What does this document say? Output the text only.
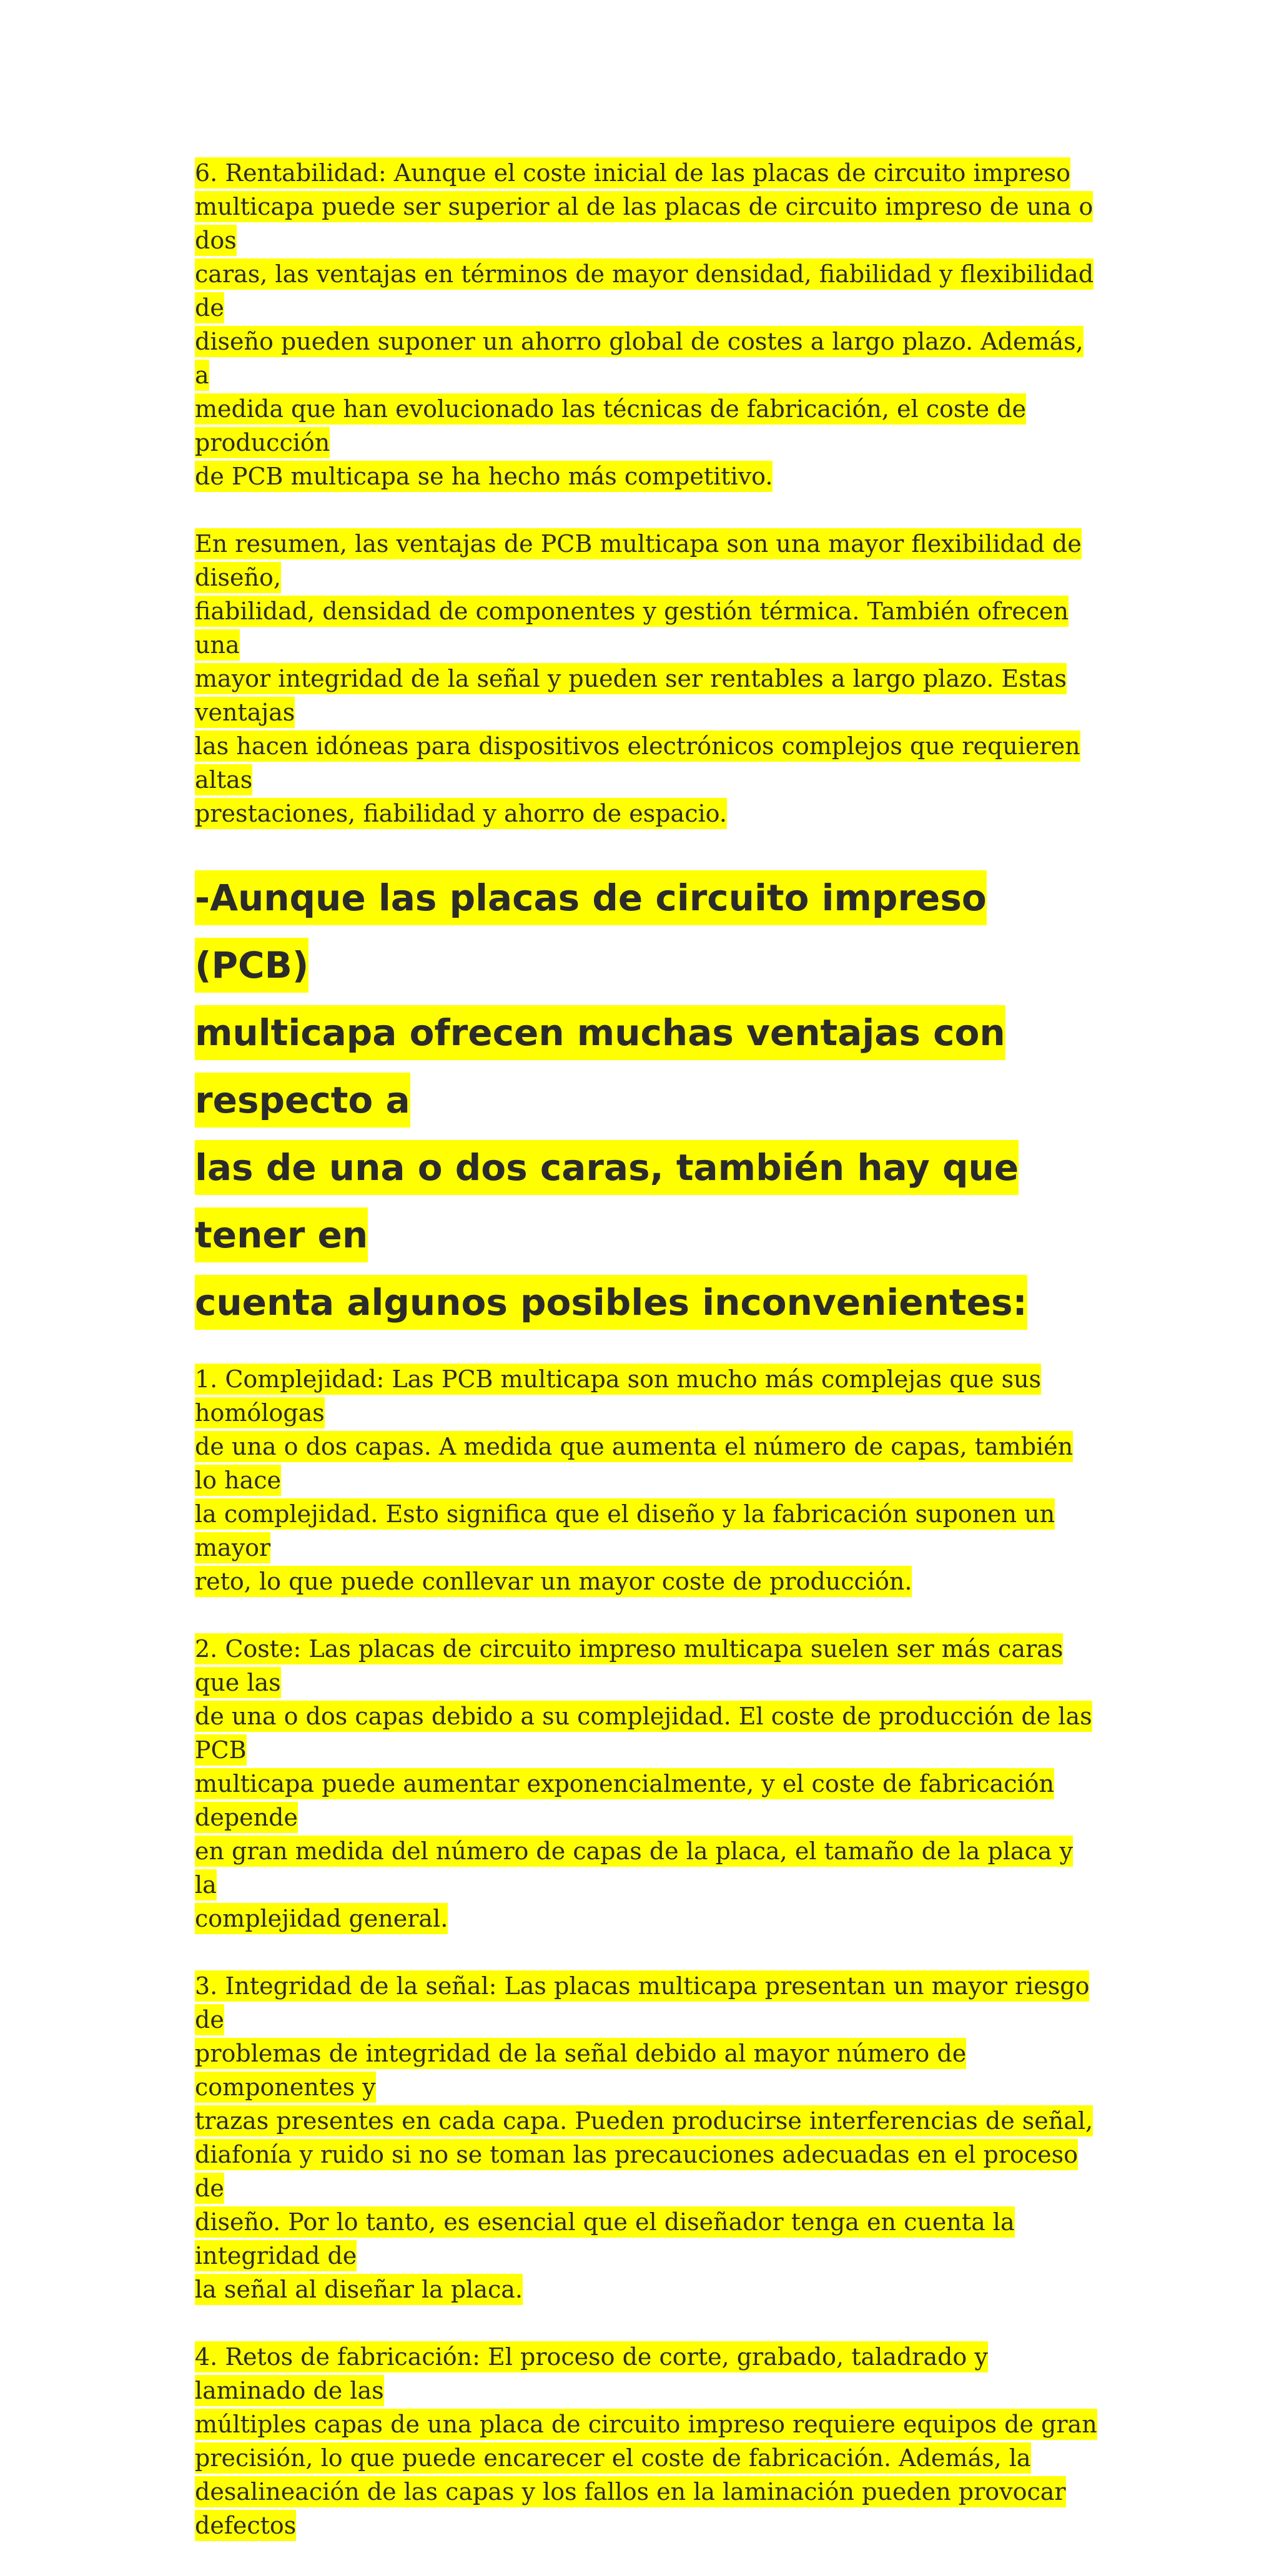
6. Rentabilidad: Aunque el coste inicial de las placas de circuito impreso
multicapa puede ser superior al de las placas de circuito impreso de una o dos
caras, las ventajas en términos de mayor densidad, fiabilidad y flexibilidad de
diseño pueden suponer un ahorro global de costes a largo plazo. Además, a
medida que han evolucionado las técnicas de fabricación, el coste de producción
de PCB multicapa se ha hecho más competitivo.

En resumen, las ventajas de PCB multicapa son una mayor flexibilidad de diseño,
fiabilidad, densidad de componentes y gestión térmica. También ofrecen una
mayor integridad de la señal y pueden ser rentables a largo plazo. Estas ventajas
las hacen idóneas para dispositivos electrónicos complejos que requieren altas
prestaciones, fiabilidad y ahorro de espacio.

-Aunque las placas de circuito impreso (PCB)
multicapa ofrecen muchas ventajas con respecto a
las de una o dos caras, también hay que tener en
cuenta algunos posibles inconvenientes:

1. Complejidad: Las PCB multicapa son mucho más complejas que sus homólogas
de una o dos capas. A medida que aumenta el número de capas, también lo hace
la complejidad. Esto significa que el diseño y la fabricación suponen un mayor
reto, lo que puede conllevar un mayor coste de producción.

2. Coste: Las placas de circuito impreso multicapa suelen ser más caras que las
de una o dos capas debido a su complejidad. El coste de producción de las PCB
multicapa puede aumentar exponencialmente, y el coste de fabricación depende
en gran medida del número de capas de la placa, el tamaño de la placa y la
complejidad general.

3. Integridad de la señal: Las placas multicapa presentan un mayor riesgo de
problemas de integridad de la señal debido al mayor número de componentes y
trazas presentes en cada capa. Pueden producirse interferencias de señal,
diafonía y ruido si no se toman las precauciones adecuadas en el proceso de
diseño. Por lo tanto, es esencial que el diseñador tenga en cuenta la integridad de
la señal al diseñar la placa.

4. Retos de fabricación: El proceso de corte, grabado, taladrado y laminado de las
múltiples capas de una placa de circuito impreso requiere equipos de gran
precisión, lo que puede encarecer el coste de fabricación. Además, la
desalineación de las capas y los fallos en la laminación pueden provocar defectos
